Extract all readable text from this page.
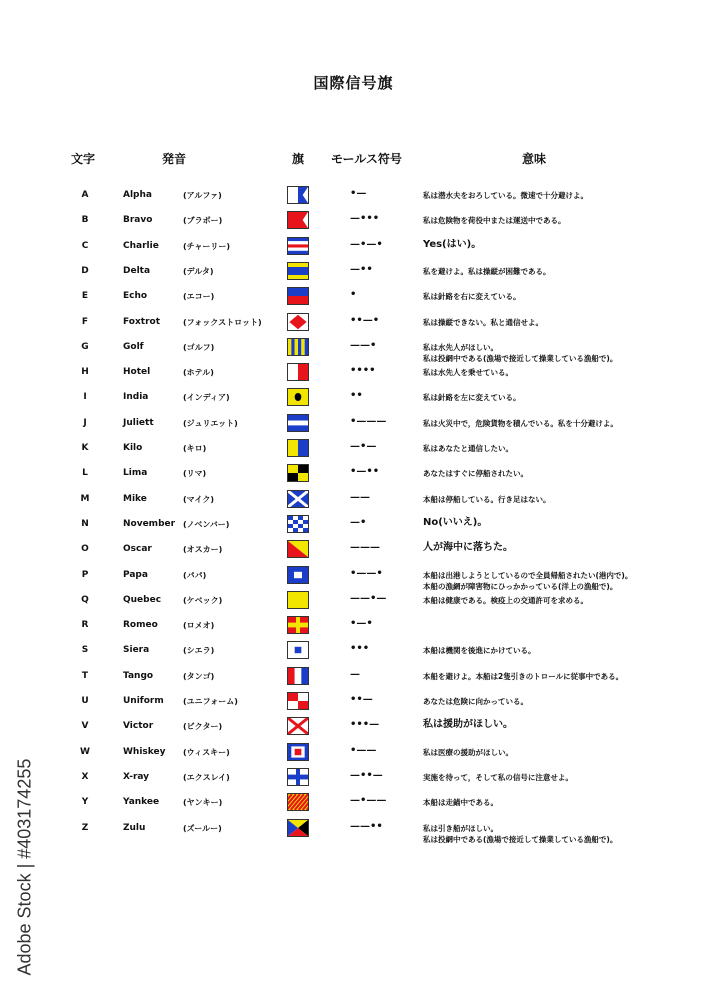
国際信号旗
文字	発音	旗 モールス符号	意味
A	Alpha	(アルファ)	•—	私は潜水夫をおろしている。微速で十分避けよ。
B	Bravo	(ブラボー)	—•••	私は危険物を荷役中または運送中である。
C	Charlie	(チャーリー)	—•—•	Yes(はい)。
D	Delta	(デルタ)	—••	私を避けよ。私は操縦が困難である。
E	Echo	(エコー)	•	私は針路を右に変えている。
F	Foxtrot	(フォックストロット)	••—•	私は操縦できない。私と通信せよ。
G	Golf	(ゴルフ)	——•	私は水先人がほしい。
私は投網中である(漁場で接近して操業している漁船で)。
H	Hotel	(ホテル)	••••	私は水先人を乗せている。
I	India	(インディア)	••	私は針路を左に変えている。
J	Juliett	(ジュリエット)	•———	私は火災中で，危険貨物を積んでいる。私を十分避けよ。
K	Kilo	(キロ)	—•—	私はあなたと通信したい。
L	Lima	(リマ)	•—••	あなたはすぐに停船されたい。
M	Mike	(マイク)	——	本船は停船している。行き足はない。
N	November (ノベンバー)	—•	No(いいえ)。
O	Oscar	(オスカー)	———	人が海中に落ちた。
P	Papa	(パパ)	•——•	本船は出港しようとしているので全員帰船されたい(港内で)。
本船の漁網が障害物にひっかかっている(洋上の漁船で)。
Q	Quebec	(ケベック)	——•—	本船は健康である。検疫上の交通許可を求める。
R	Romeo	(ロメオ)	•—•
S	Siera	(シエラ)	•••	本船は機関を後進にかけている。
T	Tango	(タンゴ)	—	本船を避けよ。本船は2隻引きのトロールに従事中である。
U	Uniform (ユニフォーム)	••—	あなたは危険に向かっている。
V	Victor	(ビクター)	•••—	私は援助がほしい。
W	Whiskey (ウィスキー)	•——	私は医療の援助がほしい。
X	X-ray	(エクスレイ)	—••—	実施を待って，そして私の信号に注意せよ。
Y	Yankee	(ヤンキー)	—•——	本船は走錨中である。
Z	Zulu	(ズールー)	——••	私は引き船がほしい。
私は投網中である(漁場で接近して操業している漁船で)。
Adobe Stock | #403174255
